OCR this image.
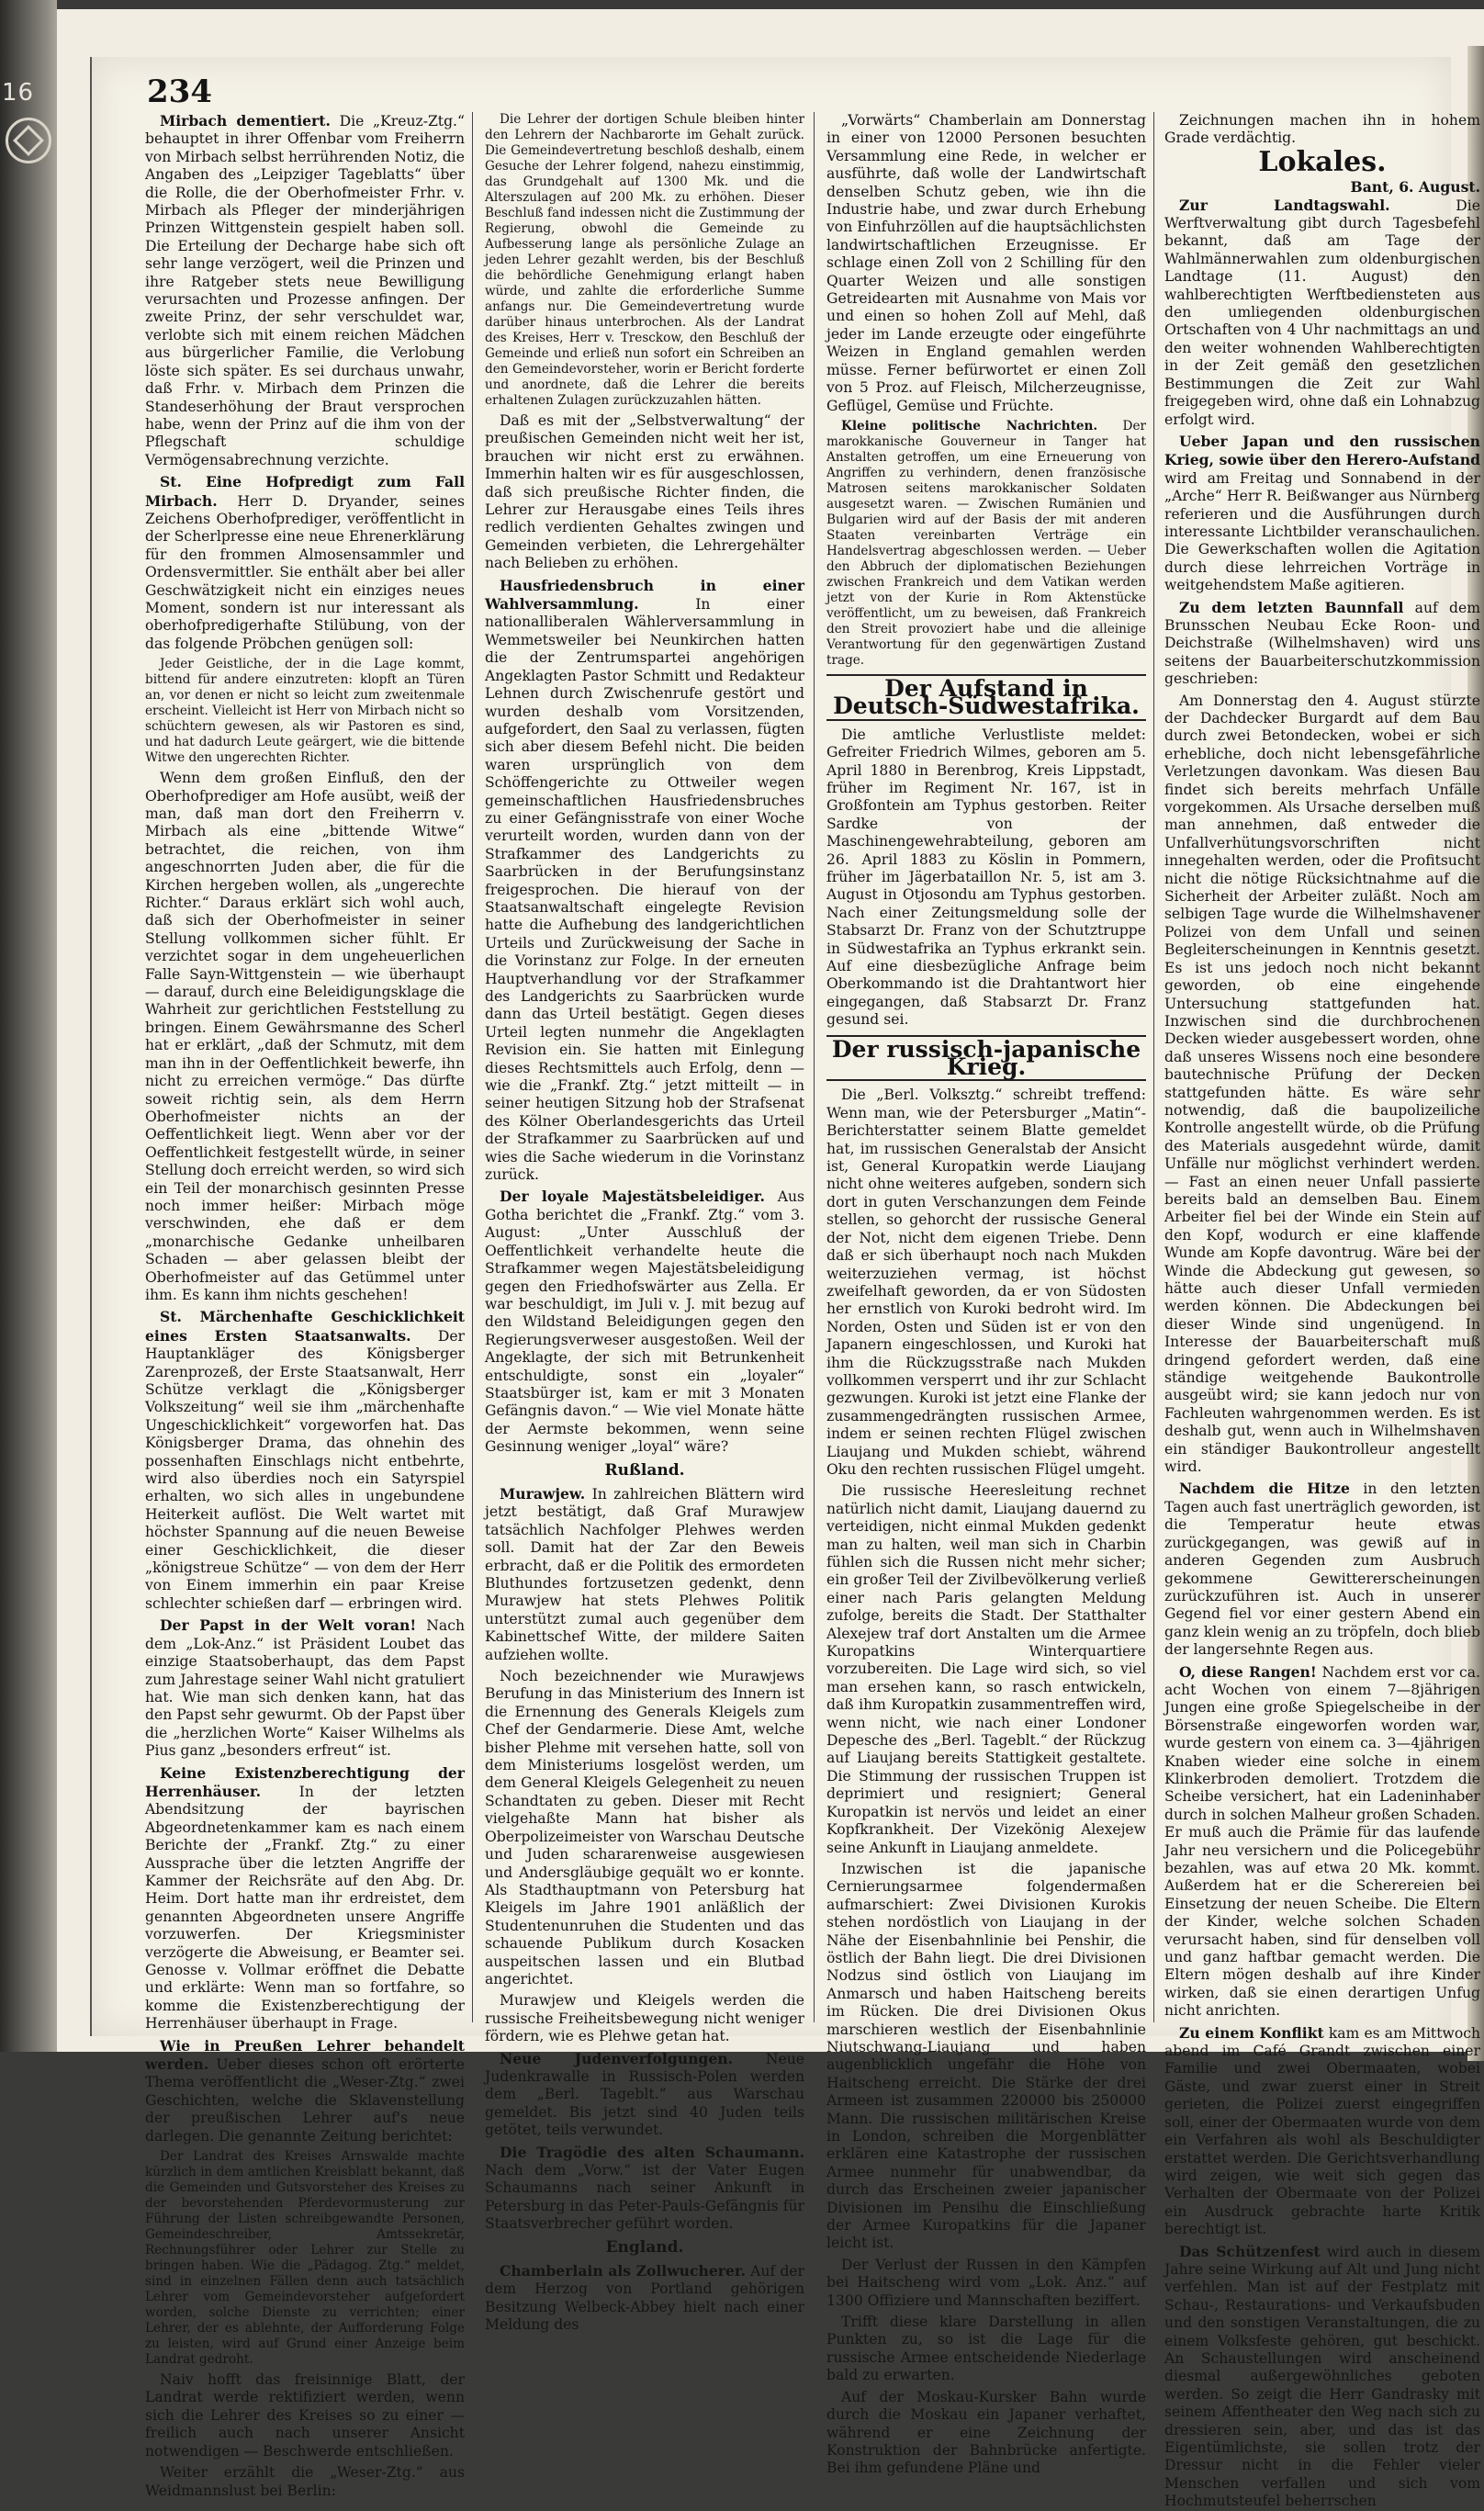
16	234

Mirbach dementiert. Die „Kreuz-Ztg.“ behauptet in ihrer Offenbar vom Freiherrn von Mirbach selbst herrührenden Notiz, die Angaben des „Leipziger Tageblatts“ über die Rolle, die der Oberhofmeister Frhr. v. Mirbach als Pfleger der minderjährigen Prinzen Wittgenstein gespielt haben soll. Die Erteilung der Decharge habe sich oft sehr lange verzögert, weil die Prinzen und ihre Ratgeber stets neue Bewilligung verursachten und Prozesse anfingen. Der zweite Prinz, der sehr verschuldet war, verlobte sich mit einem reichen Mädchen aus bürgerlicher Familie, die Verlobung löste sich später. Es sei durchaus unwahr, daß Frhr. v. Mirbach dem Prinzen die Standeserhöhung der Braut versprochen habe, wenn der Prinz auf die ihm von der Pflegschaft schuldige Vermögensabrechnung verzichte.

St. Eine Hofpredigt zum Fall Mirbach. Herr D. Dryander, seines Zeichens Oberhofprediger, veröffentlicht in der Scherlpresse eine neue Ehrenerklärung für den frommen Almosensammler und Ordensvermittler. Sie enthält aber bei aller Geschwätzigkeit nicht ein einziges neues Moment, sondern ist nur interessant als oberhofpredigerhafte Stilübung, von der das folgende Pröbchen genügen soll:

Jeder Geistliche, der in die Lage kommt, bittend für andere einzutreten: klopft an Türen an, vor denen er nicht so leicht zum zweitenmale erscheint. Vielleicht ist Herr von Mirbach nicht so schüchtern gewesen, als wir Pastoren es sind, und hat dadurch Leute geärgert, wie die bittende Witwe den ungerechten Richter.

Wenn dem großen Einfluß, den der Oberhofprediger am Hofe ausübt, weiß der man, daß man dort den Freiherrn v. Mirbach als eine „bittende Witwe“ betrachtet, die reichen, von ihm angeschnorrten Juden aber, die für die Kirchen hergeben wollen, als „ungerechte Richter.“ Daraus erklärt sich wohl auch, daß sich der Oberhofmeister in seiner Stellung vollkommen sicher fühlt. Er verzichtet sogar in dem ungeheuerlichen Falle Sayn-Wittgenstein — wie überhaupt — darauf, durch eine Beleidigungsklage die Wahrheit zur gerichtlichen Feststellung zu bringen. Einem Gewährsmanne des Scherl hat er erklärt, „daß der Schmutz, mit dem man ihn in der Oeffentlichkeit bewerfe, ihn nicht zu erreichen vermöge.“ Das dürfte soweit richtig sein, als dem Herrn Oberhofmeister nichts an der Oeffentlichkeit liegt. Wenn aber vor der Oeffentlichkeit festgestellt würde, in seiner Stellung doch erreicht werden, so wird sich ein Teil der monarchisch gesinnten Presse noch immer heißer: Mirbach möge verschwinden, ehe daß er dem „monarchische Gedanke unheilbaren Schaden — aber gelassen bleibt der Oberhofmeister auf das Getümmel unter ihm. Es kann ihm nichts geschehen!

St. Märchenhafte Geschicklichkeit eines Ersten Staatsanwalts. Der Hauptankläger des Königsberger Zarenprozeß, der Erste Staatsanwalt, Herr Schütze verklagt die „Königsberger Volkszeitung“ weil sie ihm „märchenhafte Ungeschicklichkeit“ vorgeworfen hat. Das Königsberger Drama, das ohnehin des possenhaften Einschlags nicht entbehrte, wird also überdies noch ein Satyrspiel erhalten, wo sich alles in ungebundene Heiterkeit auflöst. Die Welt wartet mit höchster Spannung auf die neuen Beweise einer Geschicklichkeit, die dieser „königstreue Schütze“ — von dem der Herr von Einem immerhin ein paar Kreise schlechter schießen darf — erbringen wird.

Der Papst in der Welt voran! Nach dem „Lok-Anz.“ ist Präsident Loubet das einzige Staatsoberhaupt, das dem Papst zum Jahrestage seiner Wahl nicht gratuliert hat. Wie man sich denken kann, hat das den Papst sehr gewurmt. Ob der Papst über die „herzlichen Worte“ Kaiser Wilhelms als Pius ganz „besonders erfreut“ ist.

Keine Existenzberechtigung der Herrenhäuser.	In der letzten Abendsitzung der bayrischen Abgeordnetenkammer kam es nach einem Berichte der „Frankf. Ztg.“ zu einer Aussprache über die letzten Angriffe der Kammer der Reichsräte auf den Abg. Dr. Heim. Dort hatte man ihr erdreistet, dem genannten Abgeordneten unsere Angriffe vorzuwerfen. Der Kriegsminister verzögerte die Abweisung, er Beamter sei. Genosse v. Vollmar eröffnet die Debatte und erklärte: Wenn man so fortfahre, so komme die Existenzberechtigung der Herrenhäuser überhaupt in Frage.

Wie in Preußen Lehrer behandelt werden. Ueber dieses schon oft erörterte Thema veröffentlicht die „Weser-Ztg.“ zwei Geschichten, welche die Sklavenstellung der preußischen Lehrer auf's neue darlegen. Die genannte Zeitung berichtet:

Der Landrat des Kreises Arnswalde machte kürzlich in dem amtlichen Kreisblatt bekannt, daß die Gemeinden und Gutsvorsteher des Kreises zu der bevorstehenden Pferdevormusterung zur Führung der Listen schreibgewandte Personen, Gemeindeschreiber, Amtssekretär, Rechnungsführer oder Lehrer zur Stelle zu bringen haben. Wie die „Pädagog. Ztg.“ meldet, sind in einzelnen Fällen denn auch tatsächlich Lehrer vom Gemeindevorsteher aufgefordert worden, solche Dienste zu verrichten; einer Lehrer, der es ablehnte, der Aufforderung Folge zu leisten, wird auf Grund einer Anzeige beim Landrat gedroht.

Naiv hofft das freisinnige Blatt, der Landrat werde rektifiziert werden, wenn sich die Lehrer des Kreises so zu einer — freilich auch nach unserer Ansicht notwendigen — Beschwerde entschließen.

Weiter erzählt die „Weser-Ztg.“ aus Weidmannslust bei Berlin:

Die Lehrer der dortigen Schule bleiben hinter den Lehrern der Nachbarorte im Gehalt zurück. Die Gemeindevertretung beschloß deshalb, einem Gesuche der Lehrer folgend, nahezu einstimmig, das Grundgehalt auf 1300 Mk. und die Alterszulagen auf 200 Mk. zu erhöhen. Dieser Beschluß fand indessen nicht die Zustimmung der Regierung, obwohl die Gemeinde zu Aufbesserung lange als persönliche Zulage an jeden Lehrer gezahlt werden, bis der Beschluß die behördliche Genehmigung erlangt haben würde, und zahlte die erforderliche Summe anfangs nur. Die Gemeindevertretung wurde darüber hinaus unterbrochen. Als der Landrat des Kreises, Herr v. Tresckow, den Beschluß der Gemeinde und erließ nun sofort ein Schreiben an den Gemeindevorsteher, worin er Bericht forderte und anordnete, daß die Lehrer die bereits erhaltenen Zulagen zurückzuzahlen hätten.

Daß es mit der „Selbstverwaltung“ der preußischen Gemeinden nicht weit her ist, brauchen wir nicht erst zu erwähnen. Immerhin halten wir es für ausgeschlossen, daß sich preußische Richter finden, die Lehrer zur Herausgabe eines Teils ihres redlich verdienten Gehaltes zwingen und Gemeinden verbieten, die Lehrergehälter nach Belieben zu erhöhen.

Hausfriedensbruch in einer Wahlversammlung.	In einer nationalliberalen Wählerversammlung in Wemmetsweiler bei Neunkirchen hatten die der Zentrumspartei angehörigen Angeklagten Pastor Schmitt und Redakteur Lehnen durch Zwischenrufe gestört und wurden deshalb vom Vorsitzenden, aufgefordert, den Saal zu verlassen, fügten sich aber diesem Befehl nicht. Die beiden waren ursprünglich von dem Schöffengerichte zu Ottweiler wegen gemeinschaftlichen Hausfriedensbruches zu einer Gefängnisstrafe von einer Woche verurteilt worden, wurden dann von der Strafkammer des Landgerichts zu Saarbrücken in der Berufungsinstanz freigesprochen. Die hierauf von der Staatsanwaltschaft eingelegte Revision hatte die Aufhebung des landgerichtlichen Urteils und Zurückweisung der Sache in die Vorinstanz zur Folge. In der erneuten Hauptverhandlung vor der Strafkammer des Landgerichts zu Saarbrücken wurde dann das Urteil bestätigt. Gegen dieses Urteil legten nunmehr die Angeklagten Revision ein. Sie hatten mit Einlegung dieses Rechtsmittels auch Erfolg, denn — wie die „Frankf. Ztg.“ jetzt mitteilt — in seiner heutigen Sitzung hob der Strafsenat des Kölner Oberlandesgerichts das Urteil der Strafkammer zu Saarbrücken auf und wies die Sache wiederum in die Vorinstanz zurück.

Der loyale Majestätsbeleidiger. Aus Gotha berichtet die „Frankf. Ztg.“ vom 3. August: „Unter Ausschluß der Oeffentlichkeit verhandelte heute die Strafkammer wegen Majestätsbeleidigung gegen den Friedhofswärter aus Zella. Er war beschuldigt, im Juli v. J. mit bezug auf den Wildstand Beleidigungen gegen den Regierungsverweser ausgestoßen. Weil der Angeklagte, der sich mit Betrunkenheit entschuldigte, sonst ein „loyaler“ Staatsbürger ist, kam er mit 3 Monaten Gefängnis davon.“ — Wie viel Monate hätte der Aermste bekommen, wenn seine Gesinnung weniger „loyal“ wäre?

Rußland.

Murawjew. In zahlreichen Blättern wird jetzt bestätigt, daß Graf Murawjew tatsächlich Nachfolger Plehwes werden soll. Damit hat der Zar den Beweis erbracht, daß er die Politik des ermordeten Bluthundes fortzusetzen gedenkt, denn Murawjew hat stets Plehwes Politik unterstützt zumal auch gegenüber dem Kabinettschef Witte, der mildere Saiten aufziehen wollte.

Noch bezeichnender wie Murawjews Berufung in das Ministerium des Innern ist die Ernennung des Generals Kleigels zum Chef der Gendarmerie. Diese Amt, welche bisher Plehme mit versehen hatte, soll von dem Ministeriums losgelöst werden, um dem General Kleigels Gelegenheit zu neuen Schandtaten zu geben. Dieser mit Recht vielgehaßte Mann hat bisher als Oberpolizeimeister von Warschau Deutsche und Juden schararenweise ausgewiesen und Andersgläubige gequält wo er konnte. Als Stadthauptmann von Petersburg hat Kleigels im Jahre 1901 anläßlich der Studentenunruhen die Studenten und das schauende Publikum durch Kosacken auspeitschen lassen und ein Blutbad angerichtet.

Murawjew und Kleigels werden die russische Freiheitsbewegung nicht weniger fördern, wie es Plehwe getan hat.

Neue Judenverfolgungen. Neue Judenkrawalle in Russisch-Polen werden dem „Berl. Tageblt.“ aus Warschau gemeldet. Bis jetzt sind 40 Juden teils getötet, teils verwundet.

Die Tragödie des alten Schaumann. Nach dem „Vorw.“ ist der Vater Eugen Schaumanns nach seiner Ankunft in Petersburg in das Peter-Pauls-Gefängnis für Staatsverbrecher geführt worden.

England.

Chamberlain als Zollwucherer. Auf der dem Herzog von Portland gehörigen Besitzung Welbeck-Abbey hielt nach einer Meldung des

„Vorwärts“ Chamberlain am Donnerstag in einer von 12000 Personen besuchten Versammlung eine Rede, in welcher er ausführte, daß wolle der Landwirtschaft denselben Schutz geben, wie ihn die Industrie habe, und zwar durch Erhebung von Einfuhrzöllen auf die hauptsächlichsten landwirtschaftlichen Erzeugnisse. Er schlage einen Zoll von 2 Schilling für den Quarter Weizen und alle sonstigen Getreidearten mit Ausnahme von Mais vor und einen so hohen Zoll auf Mehl, daß jeder im Lande erzeugte oder eingeführte Weizen in England gemahlen werden müsse. Ferner befürwortet er einen Zoll von 5 Proz. auf Fleisch, Milcherzeugnisse, Geflügel, Gemüse und Früchte.

Kleine politische Nachrichten. Der marokkanische Gouverneur in Tanger hat Anstalten getroffen, um eine Erneuerung von Angriffen zu verhindern, denen französische Matrosen seitens marokkanischer Soldaten ausgesetzt waren. — Zwischen Rumänien und Bulgarien wird auf der Basis der mit anderen Staaten vereinbarten Verträge ein Handelsvertrag abgeschlossen werden. — Ueber den Abbruch der diplomatischen Beziehungen zwischen Frankreich und dem Vatikan werden jetzt von der Kurie in Rom Aktenstücke veröffentlicht, um zu beweisen, daß Frankreich den Streit provoziert habe und die alleinige Verantwortung für den gegenwärtigen Zustand trage.

Der Aufstand in Deutsch-Südwestafrika.

Die amtliche Verlustliste meldet: Gefreiter Friedrich Wilmes, geboren am 5. April 1880 in Berenbrog, Kreis Lippstadt, früher im Regiment Nr. 167, ist in Großfontein am Typhus gestorben. Reiter Sardke von der Maschinengewehrabteilung, geboren am 26. April 1883 zu Köslin in Pommern, früher im Jägerbataillon Nr. 5, ist am 3. August in Otjosondu am Typhus gestorben. Nach einer Zeitungsmeldung solle der Stabsarzt Dr. Franz von der Schutztruppe in Südwestafrika an Typhus erkrankt sein. Auf eine diesbezügliche Anfrage beim Oberkommando ist die Drahtantwort hier eingegangen, daß Stabsarzt Dr. Franz gesund sei.

Der russisch-japanische Krieg.

Die „Berl. Volksztg.“ schreibt treffend: Wenn man, wie der Petersburger „Matin“-Berichterstatter seinem Blatte gemeldet hat, im russischen Generalstab der Ansicht ist, General Kuropatkin werde Liaujang nicht ohne weiteres aufgeben, sondern sich dort in guten Verschanzungen dem Feinde stellen, so gehorcht der russische General der Not, nicht dem eigenen Triebe. Denn daß er sich überhaupt noch nach Mukden weiterzuziehen vermag, ist höchst zweifelhaft geworden, da er von Südosten her ernstlich von Kuroki bedroht wird. Im Norden, Osten und Süden ist er von den Japanern eingeschlossen, und Kuroki hat ihm die Rückzugsstraße nach Mukden vollkommen versperrt und ihr zur Schlacht gezwungen. Kuroki ist jetzt eine Flanke der zusammengedrängten russischen Armee, indem er seinen rechten Flügel zwischen Liaujang und Mukden schiebt, während Oku den rechten russischen Flügel umgeht.

Die russische Heeresleitung rechnet natürlich nicht damit, Liaujang dauernd zu verteidigen, nicht einmal Mukden gedenkt man zu halten, weil man sich in Charbin fühlen sich die Russen nicht mehr sicher; ein großer Teil der Zivilbevölkerung verließ einer nach Paris gelangten Meldung zufolge, bereits die Stadt. Der Statthalter Alexejew traf dort Anstalten um die Armee Kuropatkins Winterquartiere vorzubereiten. Die Lage wird sich, so viel man ersehen kann, so rasch entwickeln, daß ihm Kuropatkin zusammentreffen wird, wenn nicht, wie nach einer Londoner Depesche des „Berl. Tageblt.“ der Rückzug auf Liaujang bereits Stattigkeit gestaltete. Die Stimmung der russischen Truppen ist deprimiert und resigniert; General Kuropatkin ist nervös und leidet an einer Kopfkrankheit. Der Vizekönig Alexejew seine Ankunft in Liaujang anmeldete.

Inzwischen ist die japanische Cernierungsarmee folgendermaßen aufmarschiert: Zwei Divisionen Kurokis stehen nordöstlich von Liaujang in der Nähe der Eisenbahnlinie bei Penshir, die östlich der Bahn liegt. Die drei Divisionen Nodzus sind östlich von Liaujang im Anmarsch und haben Haitscheng bereits im Rücken. Die drei Divisionen Okus marschieren westlich der Eisenbahnlinie Niutschwang-Liaujang und haben augenblicklich ungefähr die Höhe von Haitscheng erreicht. Die Stärke der drei Armeen ist zusammen 220000 bis 250000 Mann. Die russischen militärischen Kreise in London, schreiben die Morgenblätter erklären eine Katastrophe der russischen Armee nunmehr für unabwendbar, da durch das Erscheinen zweier japanischer Divisionen im Pensihu die Einschließung der Armee Kuropatkins für die Japaner leicht ist.

Der Verlust der Russen in den Kämpfen bei Haitscheng wird vom „Lok. Anz.“ auf 1300 Offiziere und Mannschaften beziffert.

Trifft diese klare Darstellung in allen Punkten zu, so ist die Lage für die russische Armee entscheidende Niederlage bald zu erwarten.

Auf der Moskau-Kursker Bahn wurde durch die Moskau ein Japaner verhaftet, während er eine Zeichnung der Konstruktion der Bahnbrücke anfertigte. Bei ihm gefundene Pläne und

Zeichnungen machen ihn in hohem Grade verdächtig.

Lokales.
Bant, 6. August.

Zur Landtagswahl.	Die Werftverwaltung gibt durch Tagesbefehl bekannt, daß am Tage der Wahlmännerwahlen zum oldenburgischen Landtage (11. August) den wahlberechtigten Werftbediensteten aus den umliegenden oldenburgischen Ortschaften von 4 Uhr nachmittags an und den weiter wohnenden Wahlberechtigten in der Zeit gemäß den gesetzlichen Bestimmungen die Zeit zur Wahl freigegeben wird, ohne daß ein Lohnabzug erfolgt wird.

Ueber Japan und den russischen Krieg, sowie über den Herero-Aufstand wird am Freitag und Sonnabend in der „Arche“ Herr R. Beißwanger aus Nürnberg referieren und die Ausführungen durch interessante Lichtbilder veranschaulichen. Die Gewerkschaften wollen die Agitation durch diese lehrreichen Vorträge in weitgehendstem Maße agitieren.

Zu dem letzten Baunnfall auf dem Brunsschen Neubau Ecke Roon- und Deichstraße (Wilhelmshaven) wird uns seitens der Bauarbeiterschutzkommission geschrieben:

Am Donnerstag den 4. August stürzte der Dachdecker Burgardt auf dem Bau durch zwei Betondecken, wobei er sich erhebliche, doch nicht lebensgefährliche Verletzungen davonkam. Was diesen Bau findet sich bereits mehrfach Unfälle vorgekommen. Als Ursache derselben muß man annehmen, daß entweder die Unfallverhütungsvorschriften nicht innegehalten werden, oder die Profitsucht nicht die nötige Rücksichtnahme auf die Sicherheit der Arbeiter zuläßt. Noch am selbigen Tage wurde die Wilhelmshavener Polizei von dem Unfall und seinen Begleiterscheinungen in Kenntnis gesetzt. Es ist uns jedoch noch nicht bekannt geworden, ob eine eingehende Untersuchung stattgefunden hat. Inzwischen sind die durchbrochenen Decken wieder ausgebessert worden, ohne daß unseres Wissens noch eine besondere bautechnische Prüfung der Decken stattgefunden hätte. Es wäre sehr notwendig, daß die baupolizeiliche Kontrolle angestellt würde, ob die Prüfung des Materials ausgedehnt würde, damit Unfälle nur möglichst verhindert werden. — Fast an einen neuer Unfall passierte bereits bald an demselben Bau. Einem Arbeiter fiel bei der Winde ein Stein auf den Kopf, wodurch er eine klaffende Wunde am Kopfe davontrug. Wäre bei der Winde die Abdeckung gut gewesen, so hätte auch dieser Unfall vermieden werden können. Die Abdeckungen bei dieser Winde sind ungenügend. In Interesse der Bauarbeiterschaft muß dringend gefordert werden, daß eine ständige weitgehende Baukontrolle ausgeübt wird; sie kann jedoch nur von Fachleuten wahrgenommen werden. Es ist deshalb gut, wenn auch in Wilhelmshaven ein ständiger Baukontrolleur angestellt wird.

Nachdem die Hitze in den letzten Tagen auch fast unerträglich geworden, ist die Temperatur heute etwas zurückgegangen, was gewiß auf in anderen Gegenden zum Ausbruch gekommene Gewittererscheinungen zurückzuführen ist. Auch in unserer Gegend fiel vor einer gestern Abend ein ganz klein wenig an zu tröpfeln, doch blieb der langersehnte Regen aus.

O, diese Rangen! Nachdem erst vor ca. acht Wochen von einem 7—8jährigen Jungen eine große Spiegelscheibe in der Börsenstraße eingeworfen worden war, wurde gestern von einem ca. 3—4jährigen Knaben wieder eine solche in einem Klinkerbroden demoliert. Trotzdem die Scheibe versichert, hat ein Ladeninhaber durch in solchen Malheur großen Schaden. Er muß auch die Prämie für das laufende Jahr neu versichern und die Policegebühr bezahlen, was auf etwa 20 Mk. kommt. Außerdem hat er die Scherereien bei Einsetzung der neuen Scheibe. Die Eltern der Kinder, welche solchen Schaden verursacht haben, sind für denselben voll und ganz haftbar gemacht werden. Die Eltern mögen deshalb auf ihre Kinder wirken, daß sie einen derartigen Unfug nicht anrichten.

Zu einem Konflikt kam es am Mittwoch abend im Café Grandt zwischen einer Familie und zwei Obermaaten, wobei Gäste, und zwar zuerst einer in Streit gerieten, die Polizei zuerst eingegriffen soll, einer der Obermaaten wurde von dem ein Verfahren als wohl als Beschuldigter erstattet werden. Die Gerichtsverhandlung wird zeigen, wie weit sich gegen das Verhalten der Obermaate von der Polizei ein Ausdruck gebrachte harte Kritik berechtigt ist.

Das Schützenfest wird auch in diesem Jahre seine Wirkung auf Alt und Jung nicht verfehlen. Man ist auf der Festplatz mit Schau-, Restaurations- und Verkaufsbuden und den sonstigen Veranstaltungen, die zu einem Volksfeste gehören, gut beschickt. An Schaustellungen wird anscheinend diesmal außergewöhnliches geboten werden. So zeigt die Herr Gandrasky mit seinem Affentheater den Weg nach sich zu dressieren sein, aber, und das ist das Eigentümlichste, sie sollen trotz der Dressur nicht in die Fehler vieler Menschen verfallen und sich vom Hochmutsteufel beherrschen
